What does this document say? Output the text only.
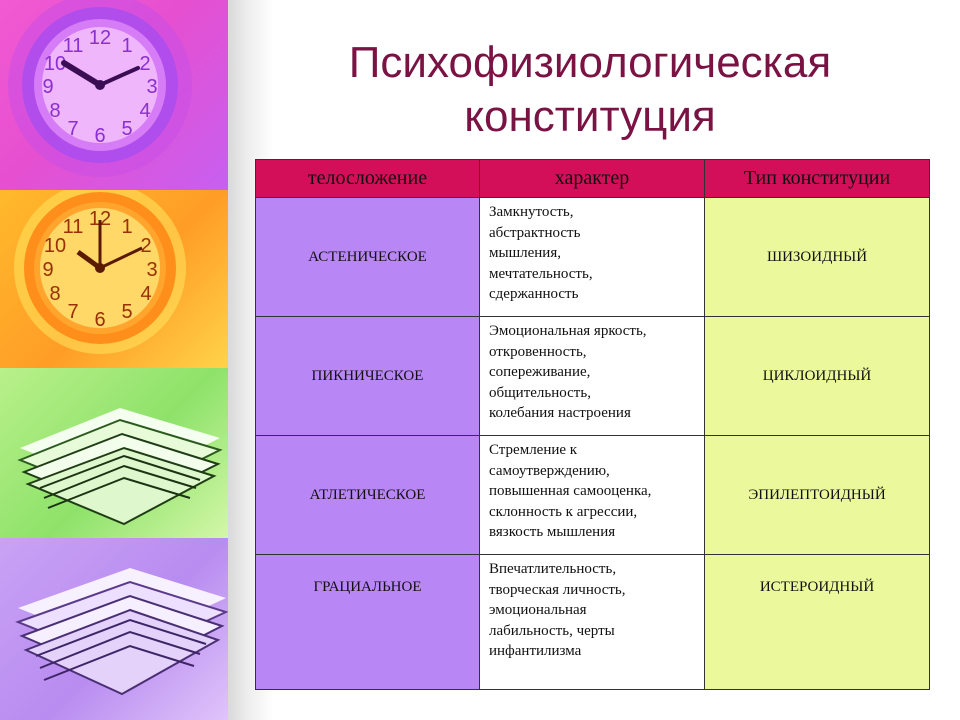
12 1
2
3
4
5
6
7
8
9
10
11
12 1
2
3
4
5
6
7
8
9
10
11
Психофизиологическая
конституция
телосложение	характер	Тип конституции
АСТЕНИЧЕСКОЕ	Замкнутость,
абстрактность
мышления,
мечтательность,
сдержанность	ШИЗОИДНЫЙ
ПИКНИЧЕСКОЕ	Эмоциональная яркость,
откровенность,
сопереживание,
общительность,
колебания настроения	ЦИКЛОИДНЫЙ
АТЛЕТИЧЕСКОЕ	Стремление к
самоутверждению,
повышенная самооценка,
склонность к агрессии,
вязкость мышления	ЭПИЛЕПТОИДНЫЙ
ГРАЦИАЛЬНОЕ	Впечатлительность,
творческая личность,
эмоциональная
лабильность, черты
инфантилизма	ИСТЕРОИДНЫЙ
